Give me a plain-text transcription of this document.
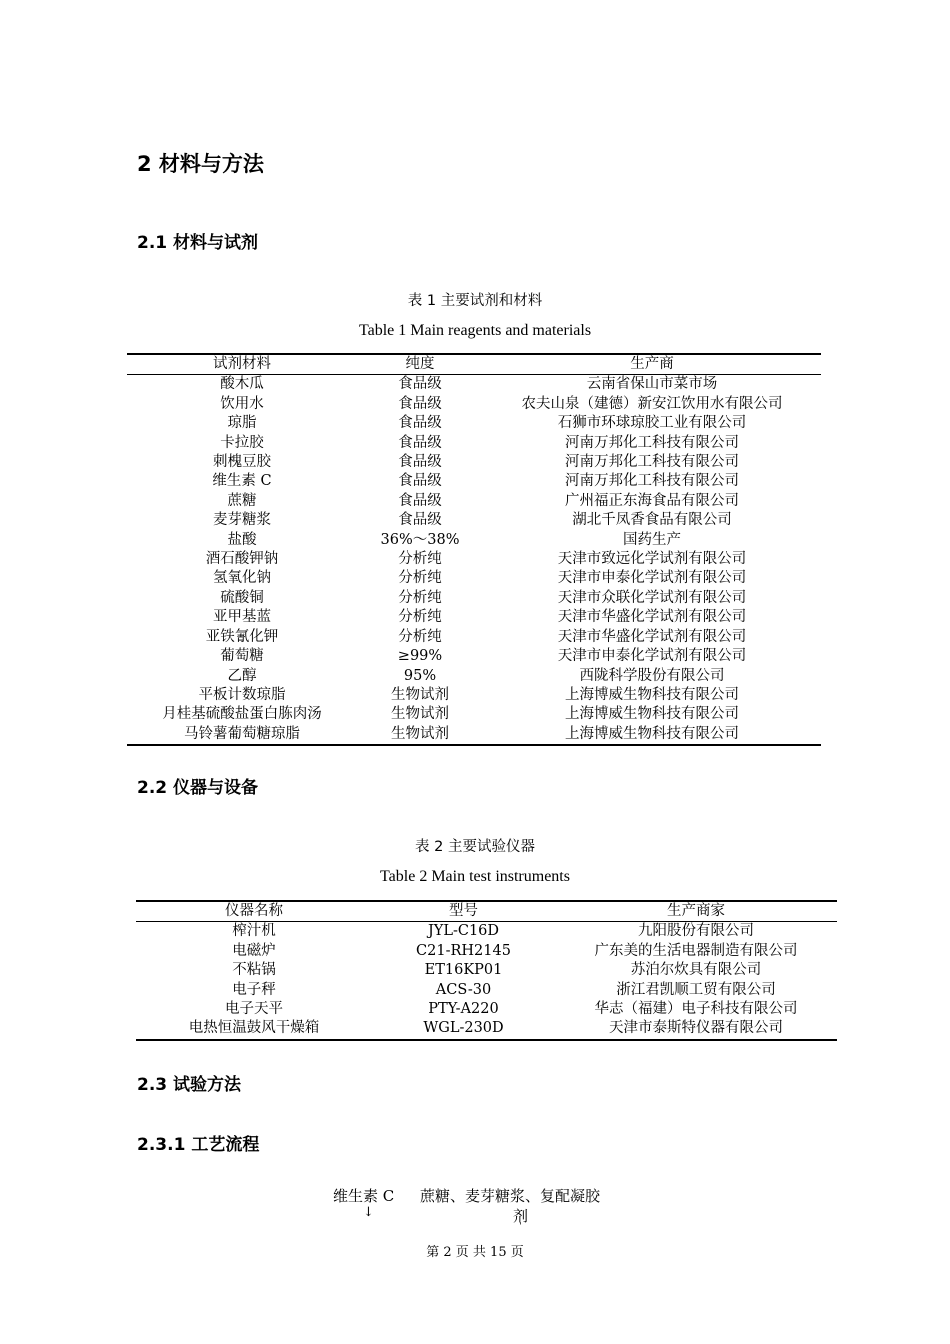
2 材料与方法
2.1 材料与试剂
表 1 主要试剂和材料
Table 1 Main reagents and materials
试剂材料	纯度	生产商
酸木瓜	食品级	云南省保山市菜市场
饮用水	食品级	农夫山泉（建德）新安江饮用水有限公司
琼脂	食品级	石狮市环球琼胶工业有限公司
卡拉胶	食品级	河南万邦化工科技有限公司
刺槐豆胶	食品级	河南万邦化工科技有限公司
维生素 C	食品级	河南万邦化工科技有限公司
蔗糖	食品级	广州福正东海食品有限公司
麦芽糖浆	食品级	湖北千凤香食品有限公司
盐酸	36%～38%	国药生产
酒石酸钾钠	分析纯	天津市致远化学试剂有限公司
氢氧化钠	分析纯	天津市申泰化学试剂有限公司
硫酸铜	分析纯	天津市众联化学试剂有限公司
亚甲基蓝	分析纯	天津市华盛化学试剂有限公司
亚铁氰化钾	分析纯	天津市华盛化学试剂有限公司
葡萄糖	≥99%	天津市申泰化学试剂有限公司
乙醇	95%	西陇科学股份有限公司
平板计数琼脂	生物试剂	上海博威生物科技有限公司
月桂基硫酸盐蛋白胨肉汤	生物试剂	上海博威生物科技有限公司
马铃薯葡萄糖琼脂	生物试剂	上海博威生物科技有限公司
2.2 仪器与设备
表 2 主要试验仪器
Table 2 Main test instruments
仪器名称	型号	生产商家
榨汁机	JYL-C16D	九阳股份有限公司
电磁炉	C21-RH2145	广东美的生活电器制造有限公司
不粘锅	ET16KP01	苏泊尔炊具有限公司
电子秤	ACS-30	浙江君凯顺工贸有限公司
电子天平	PTY-A220	华志（福建）电子科技有限公司
电热恒温鼓风干燥箱	WGL-230D	天津市泰斯特仪器有限公司
2.3 试验方法
2.3.1 工艺流程
维生素 C
↓
蔗糖、麦芽糖浆、复配凝胶
剂
ˈ
第 2 页 共 15 页
